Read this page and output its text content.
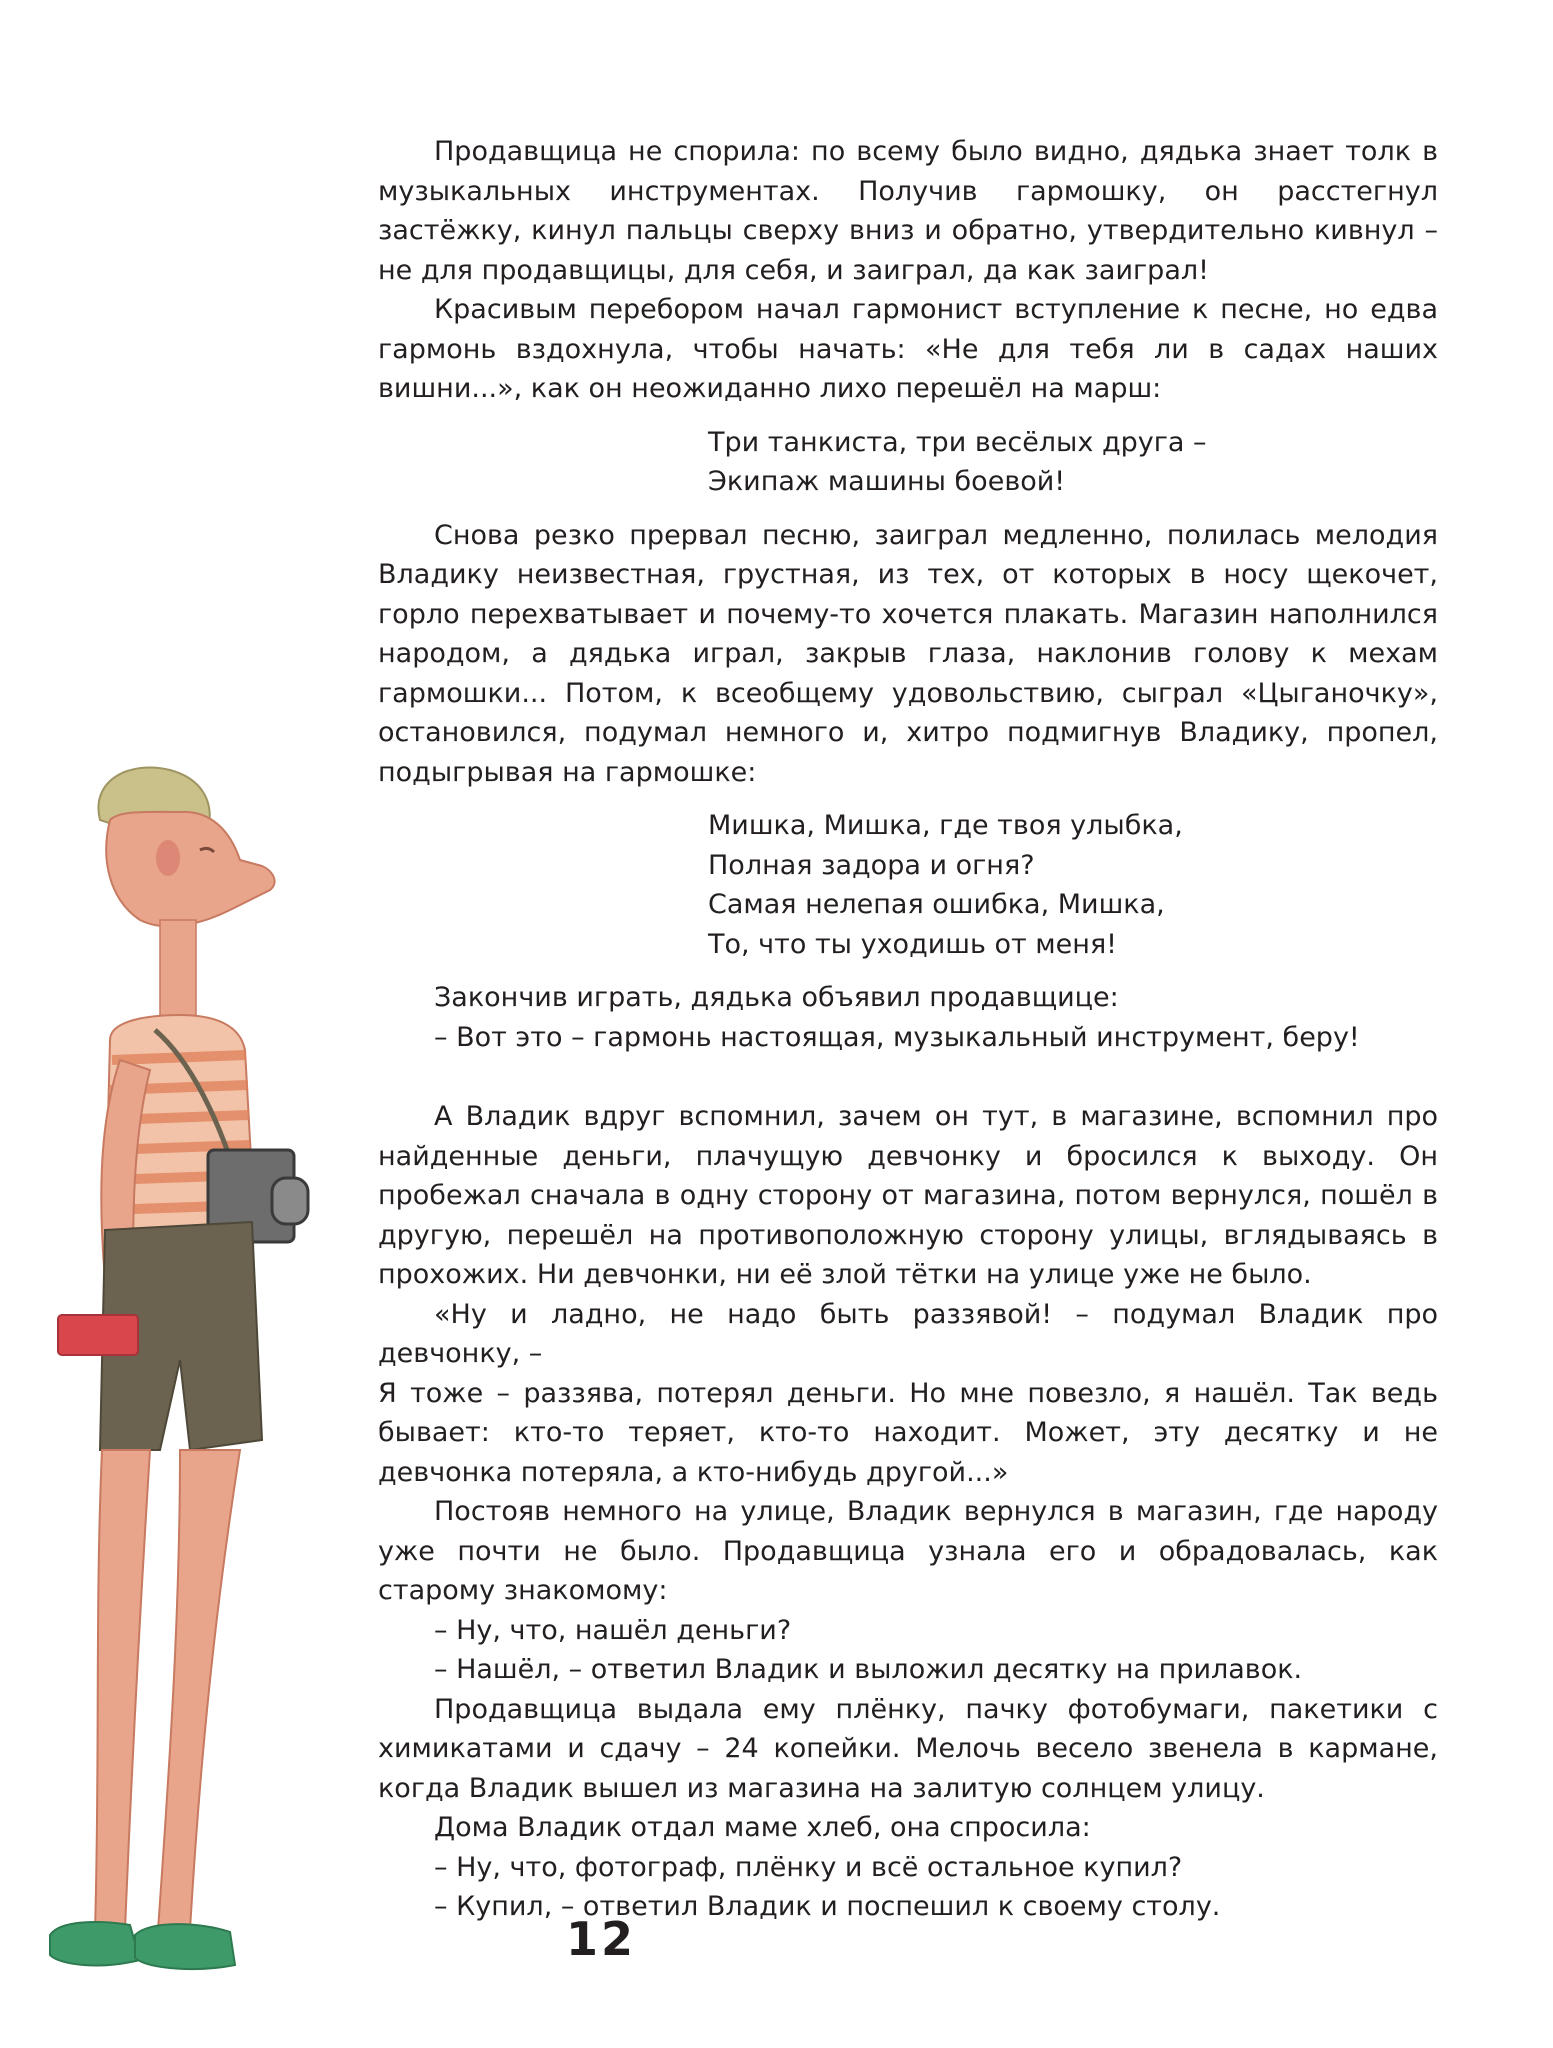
Продавщица не спорила: по всему было видно, дядька знает толк в музыкальных инструментах. Получив гармошку, он расстегнул застёжку, кинул пальцы сверху вниз и обратно, утвердительно кивнул – не для продавщицы, для себя, и заиграл, да как заиграл!

Красивым перебором начал гармонист вступление к песне, но едва гармонь вздохнула, чтобы начать: «Не для тебя ли в садах наших вишни...», как он неожиданно лихо перешёл на марш:

Три танкиста, три весёлых друга –
Экипаж машины боевой!

Снова резко прервал песню, заиграл медленно, полилась мелодия Владику неизвестная, грустная, из тех, от которых в носу щекочет, горло перехватывает и почему-то хочется плакать. Магазин наполнился народом, а дядька играл, закрыв глаза, наклонив голову к мехам гармошки... Потом, к всеобщему удовольствию, сыграл «Цыганочку», остановился, подумал немного и, хитро подмигнув Владику, пропел, подыгрывая на гармошке:

Мишка, Мишка, где твоя улыбка,
Полная задора и огня?
Самая нелепая ошибка, Мишка,
То, что ты уходишь от меня!

Закончив играть, дядька объявил продавщице:

– Вот это – гармонь настоящая, музыкальный инструмент, беру!

А Владик вдруг вспомнил, зачем он тут, в магазине, вспомнил про найденные деньги, плачущую девчонку и бросился к выходу. Он пробежал сначала в одну сторону от магазина, потом вернулся, пошёл в другую, перешёл на противоположную сторону улицы, вглядываясь в прохожих. Ни девчонки, ни её злой тётки на улице уже не было.

«Ну и ладно, не надо быть раззявой! – подумал Владик про девчонку, –

Я тоже – раззява, потерял деньги. Но мне повезло, я нашёл. Так ведь бывает: кто-то теряет, кто-то находит. Может, эту десятку и не девчонка потеряла, а кто-нибудь другой...»

Постояв немного на улице, Владик вернулся в магазин, где народу уже почти не было. Продавщица узнала его и обрадовалась, как старому знакомому:

– Ну, что, нашёл деньги?

– Нашёл, – ответил Владик и выложил десятку на прилавок.

Продавщица выдала ему плёнку, пачку фотобумаги, пакетики с химикатами и сдачу – 24 копейки. Мелочь весело звенела в кармане, когда Владик вышел из магазина на залитую солнцем улицу.

Дома Владик отдал маме хлеб, она спросила:

– Ну, что, фотограф, плёнку и всё остальное купил?

– Купил, – ответил Владик и поспешил к своему столу.

12
